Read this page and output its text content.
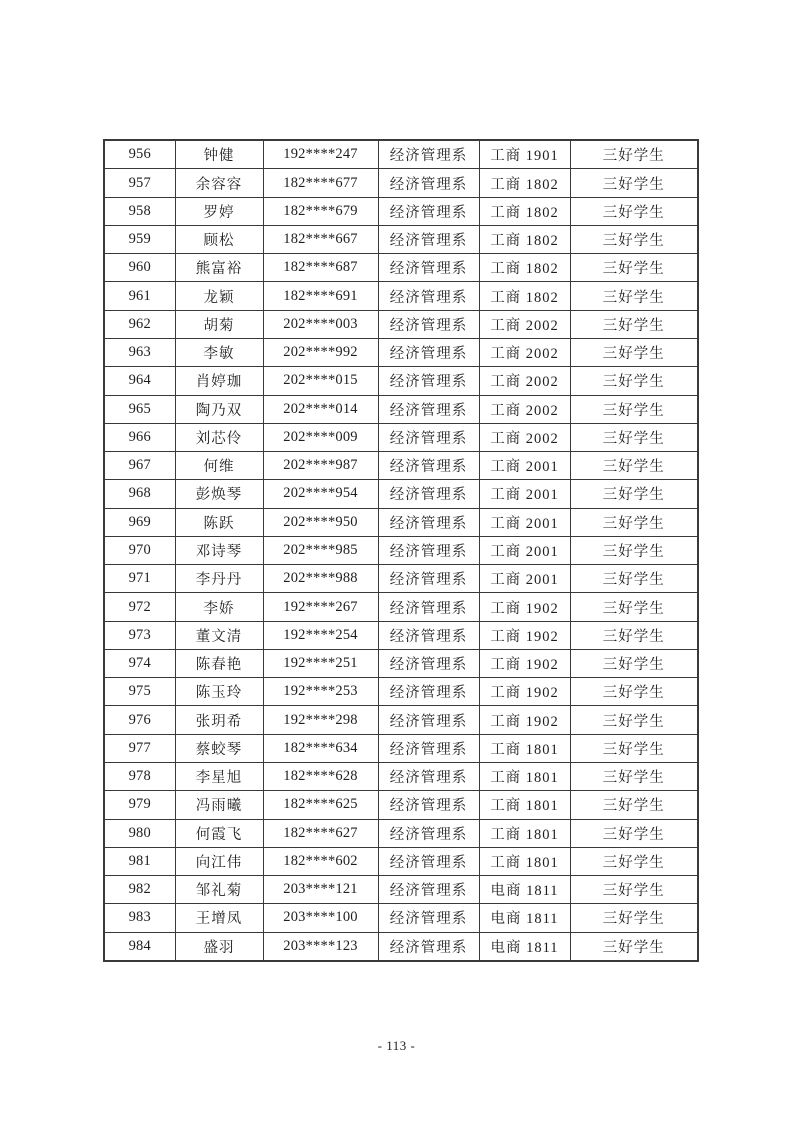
956	钟健	192****247	经济管理系	工商 1901	三好学生
957	余容容	182****677	经济管理系	工商 1802	三好学生
958	罗婷	182****679	经济管理系	工商 1802	三好学生
959	顾松	182****667	经济管理系	工商 1802	三好学生
960	熊富裕	182****687	经济管理系	工商 1802	三好学生
961	龙颖	182****691	经济管理系	工商 1802	三好学生
962	胡菊	202****003	经济管理系	工商 2002	三好学生
963	李敏	202****992	经济管理系	工商 2002	三好学生
964	肖婷珈	202****015	经济管理系	工商 2002	三好学生
965	陶乃双	202****014	经济管理系	工商 2002	三好学生
966	刘芯伶	202****009	经济管理系	工商 2002	三好学生
967	何维	202****987	经济管理系	工商 2001	三好学生
968	彭焕琴	202****954	经济管理系	工商 2001	三好学生
969	陈跃	202****950	经济管理系	工商 2001	三好学生
970	邓诗琴	202****985	经济管理系	工商 2001	三好学生
971	李丹丹	202****988	经济管理系	工商 2001	三好学生
972	李娇	192****267	经济管理系	工商 1902	三好学生
973	董文清	192****254	经济管理系	工商 1902	三好学生
974	陈春艳	192****251	经济管理系	工商 1902	三好学生
975	陈玉玲	192****253	经济管理系	工商 1902	三好学生
976	张玥希	192****298	经济管理系	工商 1902	三好学生
977	蔡蛟琴	182****634	经济管理系	工商 1801	三好学生
978	李星旭	182****628	经济管理系	工商 1801	三好学生
979	冯雨曦	182****625	经济管理系	工商 1801	三好学生
980	何霞飞	182****627	经济管理系	工商 1801	三好学生
981	向江伟	182****602	经济管理系	工商 1801	三好学生
982	邹礼菊	203****121	经济管理系	电商 1811	三好学生
983	王增凤	203****100	经济管理系	电商 1811	三好学生
984	盛羽	203****123	经济管理系	电商 1811	三好学生
- 113 -
